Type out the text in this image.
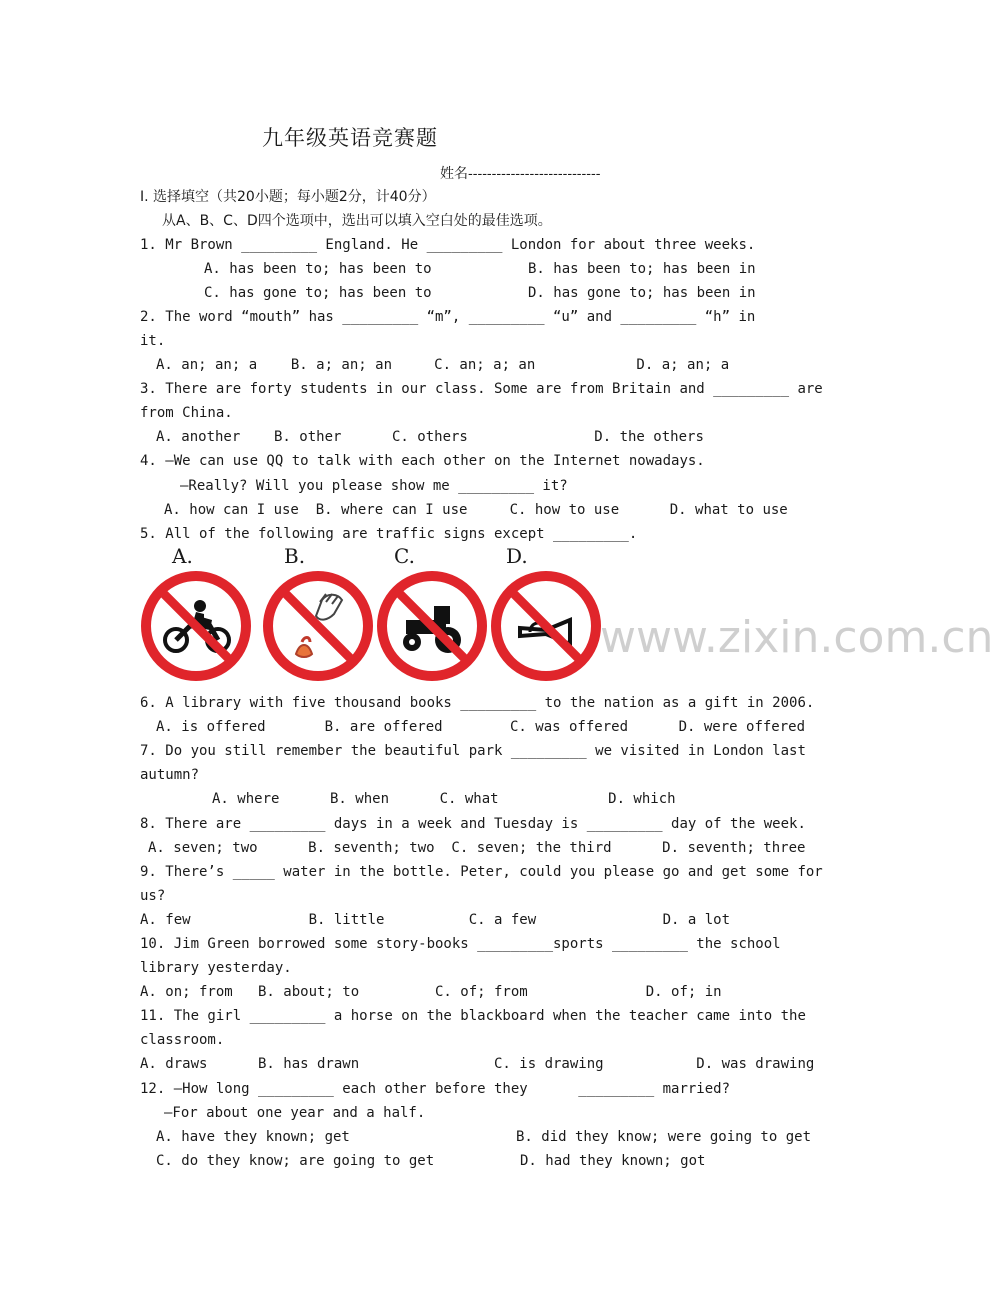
九年级英语竞赛题
姓名----------------------------
I. 选择填空（共20小题；每小题2分，计40分）
从A、B、C、D四个选项中，选出可以填入空白处的最佳选项。
1. Mr Brown _________ England. He _________ London for about three weeks.
A. has been to; has been to	B. has been to; has been in
C. has gone to; has been to	D. has gone to; has been in
2. The word “mouth” has _________ “m”, _________ “u” and _________ “h” in
it.
A. an; an; a    B. a; an; an     C. an; a; an            D. a; an; a
3. There are forty students in our class. Some are from Britain and _________ are
from China.
A. another    B. other      C. others               D. the others
4. —We can use QQ to talk with each other on the Internet nowadays.
—Really? Will you please show me _________ it?
A. how can I use  B. where can I use     C. how to use      D. what to use
5. All of the following are traffic signs except _________.
A.	B.	C.	D.
www.zixin.com.cn
6. A library with five thousand books _________ to the nation as a gift in 2006.
A. is offered       B. are offered        C. was offered      D. were offered
7. Do you still remember the beautiful park _________ we visited in London last
autumn?
A. where      B. when      C. what             D. which
8. There are _________ days in a week and Tuesday is _________ day of the week.
A. seven; two      B. seventh; two  C. seven; the third      D. seventh; three
9. There’s _____ water in the bottle. Peter, could you please go and get some for
us?
A. few              B. little          C. a few               D. a lot
10. Jim Green borrowed some story-books _________sports _________ the school
library yesterday.
A. on; from   B. about; to         C. of; from              D. of; in
11. The girl _________ a horse on the blackboard when the teacher came into the
classroom.
A. draws      B. has drawn                C. is drawing           D. was drawing
12. —How long _________ each other before they      _________ married?
—For about one year and a half.
A. have they known; get	B. did they know; were going to get
C. do they know; are going to get	D. had they known; got
